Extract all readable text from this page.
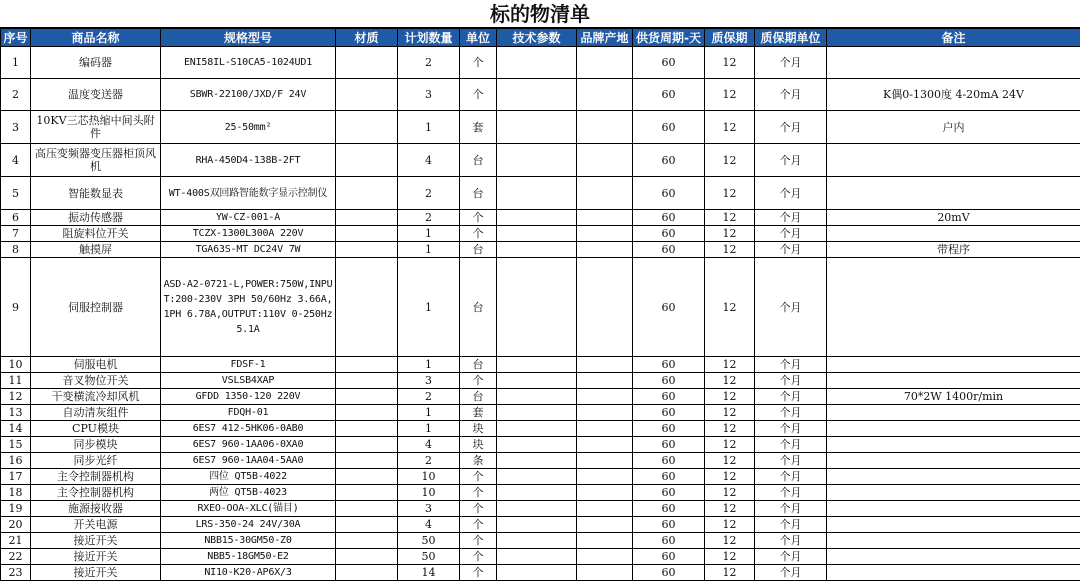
标的物清单
序号	商品名称	规格型号	材质	计划数量	单位	技术参数	品牌产地	供货周期-天	质保期	质保期单位	备注
1	编码器	ENI58IL-S10CA5-1024UD1		2	个			60	12	个月	
2	温度变送器	SBWR-22100/JXD/F 24V		3	个			60	12	个月	K偶0-1300度 4-20mA 24V
3	10KV三芯热缩中间头附件	25-50mm²		1	套			60	12	个月	户内
4	高压变频器变压器柜顶风机	RHA-450D4-138B-2FT		4	台			60	12	个月	
5	智能数显表	WT-400S双回路智能数字显示控制仪		2	台			60	12	个月	
6	振动传感器	YW-CZ-001-A		2	个			60	12	个月	20mV
7	阻旋料位开关	TCZX-1300L300A 220V		1	个			60	12	个月	
8	触摸屏	TGA63S-MT DC24V 7W		1	台			60	12	个月	带程序
9	伺服控制器	ASD-A2-0721-L,POWER:750W,INPUT:200-230V 3PH 50/60Hz 3.66A,1PH 6.78A,OUTPUT:110V 0-250Hz 5.1A		1	台			60	12	个月	
10	伺服电机	FDSF-1		1	台			60	12	个月	
11	音叉物位开关	VSLSB4XAP		3	个			60	12	个月	
12	干变横流冷却风机	GFDD 1350-120 220V		2	台			60	12	个月	70*2W 1400r/min
13	自动清灰组件	FDQH-01		1	套			60	12	个月	
14	CPU模块	6ES7 412-5HK06-0AB0		1	块			60	12	个月	
15	同步模块	6ES7 960-1AA06-0XA0		4	块			60	12	个月	
16	同步光纤	6ES7 960-1AA04-5AA0		2	条			60	12	个月	
17	主令控制器机构	四位 QT5B-4022		10	个			60	12	个月	
18	主令控制器机构	两位 QT5B-4023		10	个			60	12	个月	
19	施源接收器	RXEO-OOA-XLC(锚目)		3	个			60	12	个月	
20	开关电源	LRS-350-24 24V/30A		4	个			60	12	个月	
21	接近开关	NBB15-30GM50-Z0		50	个			60	12	个月	
22	接近开关	NBB5-18GM50-E2		50	个			60	12	个月	
23	接近开关	NI10-K20-AP6X/3		14	个			60	12	个月	
